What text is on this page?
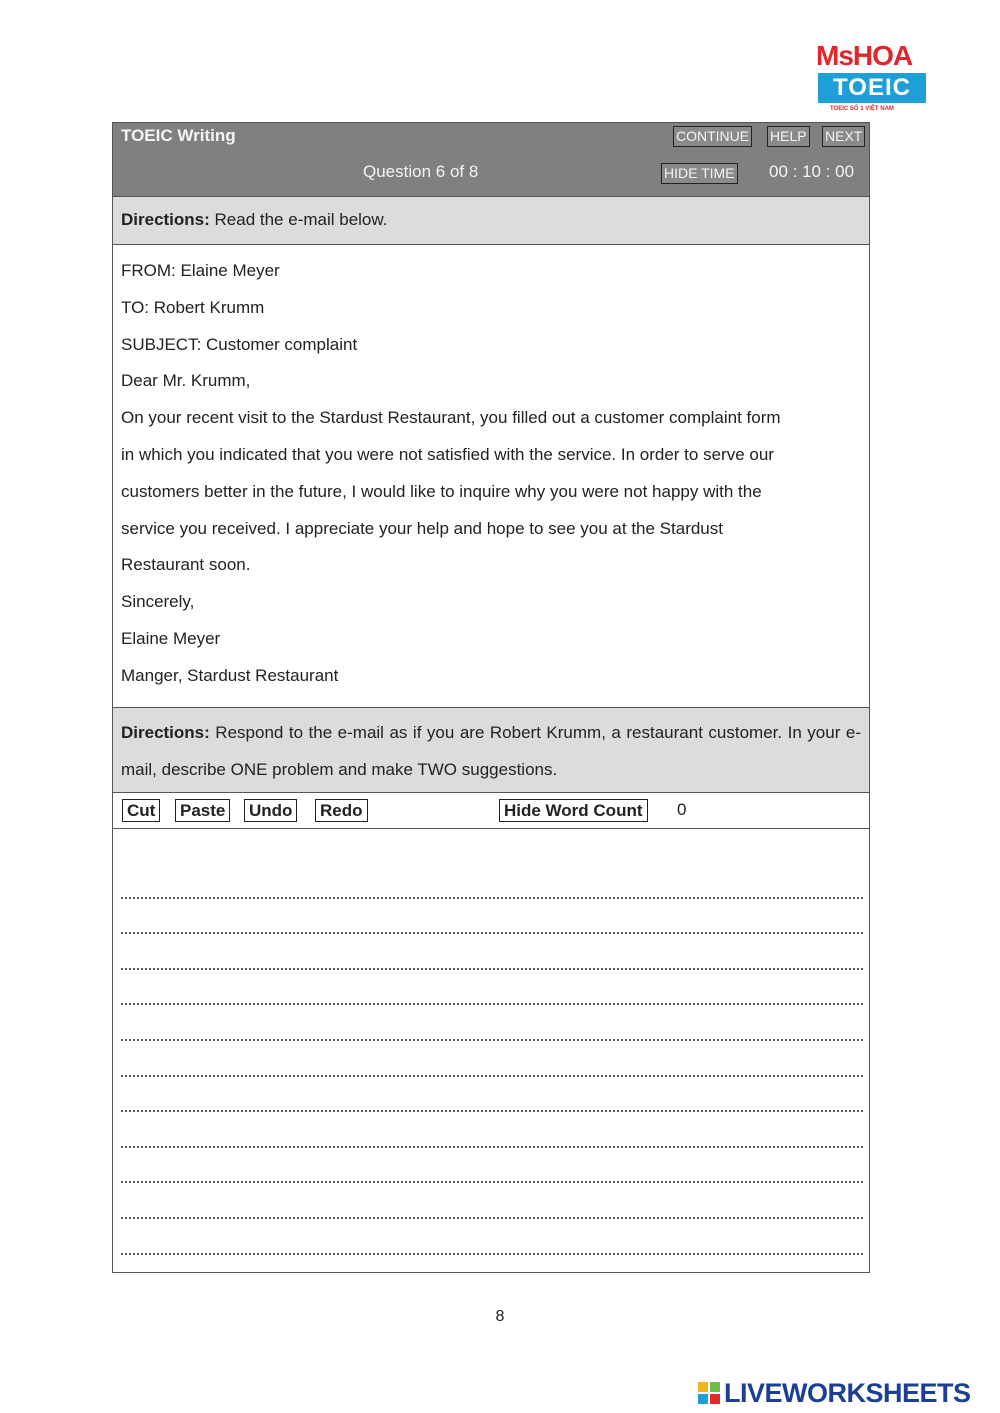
MsHOA
TOEIC
TOEIC SỐ 1 VIỆT NAM
TOEIC Writing	CONTINUE HELP NEXT
Question 6 of 8	HIDE TIME 00 : 10 : 00
Directions: Read the e-mail below.
FROM: Elaine Meyer
TO: Robert Krumm
SUBJECT: Customer complaint
Dear Mr. Krumm,
On your recent visit to the Stardust Restaurant, you filled out a customer complaint form
in which you indicated that you were not satisfied with the service. In order to serve our
customers better in the future, I would like to inquire why you were not happy with the
service you received. I appreciate your help and hope to see you at the Stardust
Restaurant soon.
Sincerely,
Elaine Meyer
Manger, Stardust Restaurant
Directions: Respond to the e-mail as if you are Robert Krumm, a restaurant customer. In your e-mail, describe ONE problem and make TWO suggestions.
Cut Paste Undo Redo	Hide Word Count 0
8
LIVEWORKSHEETS
